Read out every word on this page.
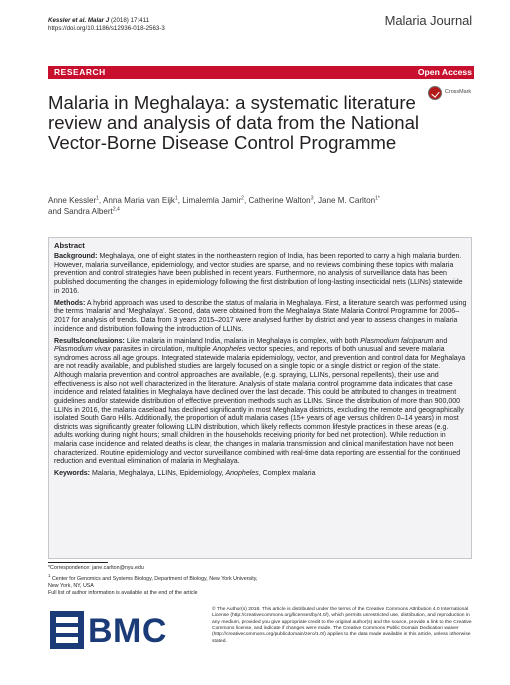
Kessler et al. Malar J (2018) 17:411
https://doi.org/10.1186/s12936-018-2563-3
Malaria Journal
RESEARCH	Open Access
CrossMark
Malaria in Meghalaya: a systematic literature review and analysis of data from the National Vector-Borne Disease Control Programme
Anne Kessler$^1$, Anna Maria van Eijk$^1$, Limalemla Jamir$^2$, Catherine Walton$^3$, Jane M. Carlton$^{1*}$
and Sandra Albert$^{2,4}$
Abstract

Background: Meghalaya, one of eight states in the northeastern region of India, has been reported to carry a high malaria burden. However, malaria surveillance, epidemiology, and vector studies are sparse, and no reviews combining these topics with malaria prevention and control strategies have been published in recent years. Furthermore, no analysis of surveillance data has been published documenting the changes in epidemiology following the first distribution of long-lasting insecticidal nets (LLINs) statewide in 2016.

Methods: A hybrid approach was used to describe the status of malaria in Meghalaya. First, a literature search was performed using the terms ‘malaria’ and ‘Meghalaya’. Second, data were obtained from the Meghalaya State Malaria Control Programme for 2006–2017 for analysis of trends. Data from 3 years 2015–2017 were analysed further by district and year to assess changes in malaria incidence and distribution following the introduction of LLINs.

Results/conclusions: Like malaria in mainland India, malaria in Meghalaya is complex, with both Plasmodium falciparum and Plasmodium vivax parasites in circulation, multiple Anopheles vector species, and reports of both unusual and severe malaria syndromes across all age groups. Integrated statewide malaria epidemiology, vector, and prevention and control data for Meghalaya are not readily available, and published studies are largely focused on a single topic or a single district or region of the state. Although malaria prevention and control approaches are available, (e.g. spraying, LLINs, personal repellents), their use and effectiveness is also not well characterized in the literature. Analysis of state malaria control programme data indicates that case incidence and related fatalities in Meghalaya have declined over the last decade. This could be attributed to changes in treatment guidelines and/or statewide distribution of effective prevention methods such as LLINs. Since the distribution of more than 900,000 LLINs in 2016, the malaria caseload has declined significantly in most Meghalaya districts, excluding the remote and geographically isolated South Garo Hills. Additionally, the proportion of adult malaria cases (15+ years of age versus children 0–14 years) in most districts was significantly greater following LLIN distribution, which likely reflects common lifestyle practices in these areas (e.g. adults working during night hours; small children in the households receiving priority for bed net protection). While reduction in malaria case incidence and related deaths is clear, the changes in malaria transmission and clinical manifestation have not been characterized. Routine epidemiology and vector surveillance combined with real-time data reporting are essential for the continued reduction and eventual elimination of malaria in Meghalaya.

Keywords: Malaria, Meghalaya, LLINs, Epidemiology, Anopheles, Complex malaria

*Correspondence: jane.carlton@nyu.edu
$^1$ Center for Genomics and Systems Biology, Department of Biology, New York University, New York, NY, USA
Full list of author information is available at the end of the article
BMC
© The Author(s) 2018. This article is distributed under the terms of the Creative Commons Attribution 4.0 International License (http://creativecommons.org/licenses/by/4.0/), which permits unrestricted use, distribution, and reproduction in any medium, provided you give appropriate credit to the original author(s) and the source, provide a link to the Creative Commons license, and indicate if changes were made. The Creative Commons Public Domain Dedication waiver (http://creativecommons.org/publicdomain/zero/1.0/) applies to the data made available in this article, unless otherwise stated.
